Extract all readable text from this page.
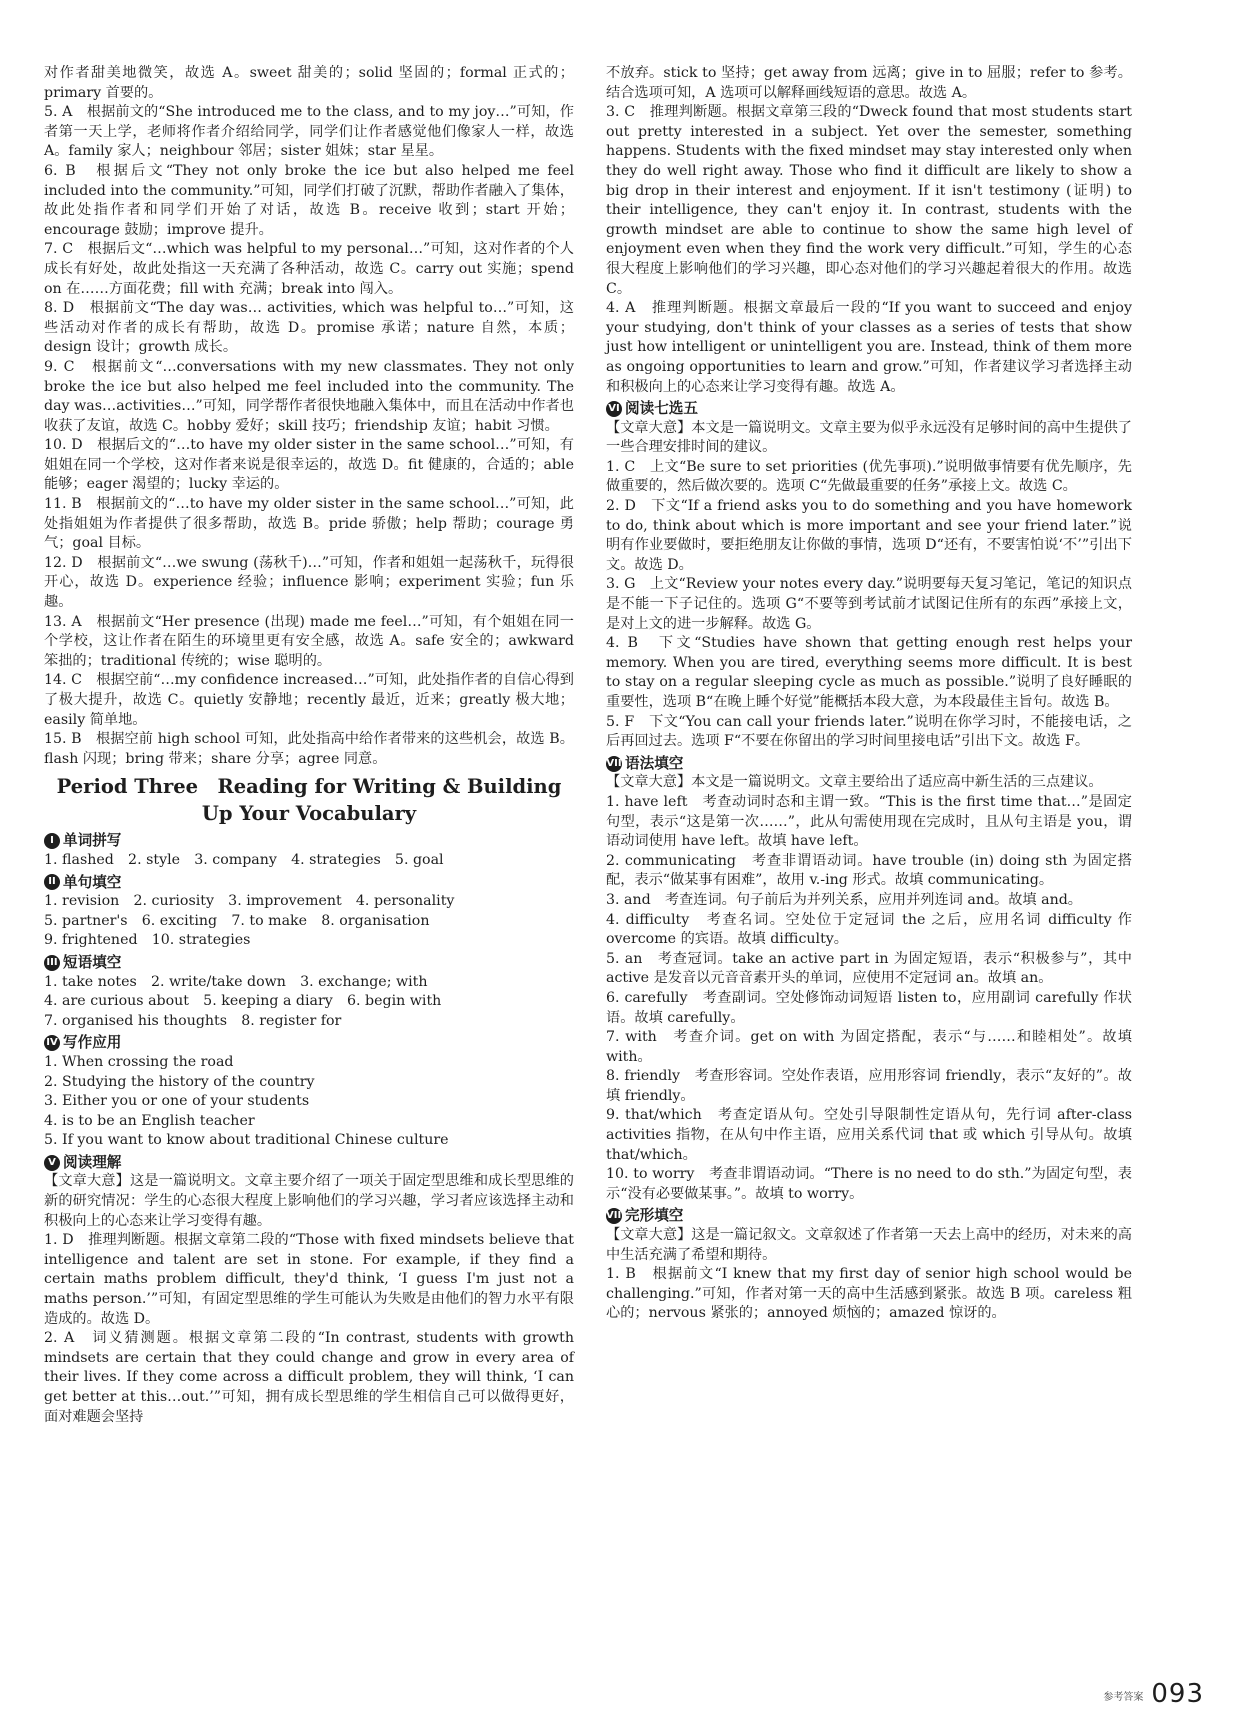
对作者甜美地微笑，故选 A。sweet 甜美的；solid 坚固的；formal 正式的；primary 首要的。

5. A　根据前文的“She introduced me to the class, and to my joy…”可知，作者第一天上学，老师将作者介绍给同学，同学们让作者感觉他们像家人一样，故选 A。family 家人；neighbour 邻居；sister 姐妹；star 星星。

6. B　根据后文“They not only broke the ice but also helped me feel included into the community.”可知，同学们打破了沉默，帮助作者融入了集体，故此处指作者和同学们开始了对话，故选 B。receive 收到；start 开始；encourage 鼓励；improve 提升。

7. C　根据后文“…which was helpful to my personal…”可知，这对作者的个人成长有好处，故此处指这一天充满了各种活动，故选 C。carry out 实施；spend on 在……方面花费；fill with 充满；break into 闯入。

8. D　根据前文“The day was… activities, which was helpful to…”可知，这些活动对作者的成长有帮助，故选 D。promise 承诺；nature 自然，本质；design 设计；growth 成长。

9. C　根据前文“…conversations with my new classmates. They not only broke the ice but also helped me feel included into the community. The day was…activities…”可知，同学帮作者很快地融入集体中，而且在活动中作者也收获了友谊，故选 C。hobby 爱好；skill 技巧；friendship 友谊；habit 习惯。

10. D　根据后文的“…to have my older sister in the same school…”可知，有姐姐在同一个学校，这对作者来说是很幸运的，故选 D。fit 健康的，合适的；able 能够；eager 渴望的；lucky 幸运的。

11. B　根据前文的“…to have my older sister in the same school…”可知，此处指姐姐为作者提供了很多帮助，故选 B。pride 骄傲；help 帮助；courage 勇气；goal 目标。

12. D　根据前文“…we swung (荡秋千)…”可知，作者和姐姐一起荡秋千，玩得很开心，故选 D。experience 经验；influence 影响；experiment 实验；fun 乐趣。

13. A　根据前文“Her presence (出现) made me feel…”可知，有个姐姐在同一个学校，这让作者在陌生的环境里更有安全感，故选 A。safe 安全的；awkward 笨拙的；traditional 传统的；wise 聪明的。

14. C　根据空前“…my confidence increased…”可知，此处指作者的自信心得到了极大提升，故选 C。quietly 安静地；recently 最近，近来；greatly 极大地；easily 简单地。

15. B　根据空前 high school 可知，此处指高中给作者带来的这些机会，故选 B。flash 闪现；bring 带来；share 分享；agree 同意。

Period Three　Reading for Writing & Building Up Your Vocabulary
I 单词拼写
1. flashed　2. style　3. company　4. strategies　5. goal
II 单句填空
1. revision　2. curiosity　3. improvement　4. personality
5. partner's　6. exciting　7. to make　8. organisation
9. frightened　10. strategies
III 短语填空
1. take notes　2. write/take down　3. exchange; with
4. are curious about　5. keeping a diary　6. begin with
7. organised his thoughts　8. register for
IV 写作应用
1. When crossing the road
2. Studying the history of the country
3. Either you or one of your students
4. is to be an English teacher
5. If you want to know about traditional Chinese culture
V 阅读理解

【文章大意】这是一篇说明文。文章主要介绍了一项关于固定型思维和成长型思维的新的研究情况：学生的心态很大程度上影响他们的学习兴趣，学习者应该选择主动和积极向上的心态来让学习变得有趣。

1. D　推理判断题。根据文章第二段的“Those with fixed mindsets believe that intelligence and talent are set in stone. For example, if they find a certain maths problem difficult, they'd think, ‘I guess I'm just not a maths person.’”可知，有固定型思维的学生可能认为失败是由他们的智力水平有限造成的。故选 D。

2. A　词义猜测题。根据文章第二段的“In contrast, students with growth mindsets are certain that they could change and grow in every area of their lives. If they come across a difficult problem, they will think, ‘I can get better at this…out.’”可知，拥有成长型思维的学生相信自己可以做得更好，面对难题会坚持

不放弃。stick to 坚持；get away from 远离；give in to 屈服；refer to 参考。结合选项可知，A 选项可以解释画线短语的意思。故选 A。

3. C　推理判断题。根据文章第三段的“Dweck found that most students start out pretty interested in a subject. Yet over the semester, something happens. Students with the fixed mindset may stay interested only when they do well right away. Those who find it difficult are likely to show a big drop in their interest and enjoyment. If it isn't testimony (证明) to their intelligence, they can't enjoy it. In contrast, students with the growth mindset are able to continue to show the same high level of enjoyment even when they find the work very difficult.”可知，学生的心态很大程度上影响他们的学习兴趣，即心态对他们的学习兴趣起着很大的作用。故选 C。

4. A　推理判断题。根据文章最后一段的“If you want to succeed and enjoy your studying, don't think of your classes as a series of tests that show just how intelligent or unintelligent you are. Instead, think of them more as ongoing opportunities to learn and grow.”可知，作者建议学习者选择主动和积极向上的心态来让学习变得有趣。故选 A。

VI 阅读七选五

【文章大意】本文是一篇说明文。文章主要为似乎永远没有足够时间的高中生提供了一些合理安排时间的建议。

1. C　上文“Be sure to set priorities (优先事项).”说明做事情要有优先顺序，先做重要的，然后做次要的。选项 C“先做最重要的任务”承接上文。故选 C。

2. D　下文“If a friend asks you to do something and you have homework to do, think about which is more important and see your friend later.”说明有作业要做时，要拒绝朋友让你做的事情，选项 D“还有，不要害怕说‘不’”引出下文。故选 D。

3. G　上文“Review your notes every day.”说明要每天复习笔记，笔记的知识点是不能一下子记住的。选项 G“不要等到考试前才试图记住所有的东西”承接上文，是对上文的进一步解释。故选 G。

4. B　下文“Studies have shown that getting enough rest helps your memory. When you are tired, everything seems more difficult. It is best to stay on a regular sleeping cycle as much as possible.”说明了良好睡眠的重要性，选项 B“在晚上睡个好觉”能概括本段大意，为本段最佳主旨句。故选 B。

5. F　下文“You can call your friends later.”说明在你学习时，不能接电话，之后再回过去。选项 F“不要在你留出的学习时间里接电话”引出下文。故选 F。

VII 语法填空

【文章大意】本文是一篇说明文。文章主要给出了适应高中新生活的三点建议。

1. have left　考查动词时态和主谓一致。“This is the first time that…”是固定句型，表示“这是第一次……”，此从句需使用现在完成时，且从句主语是 you，谓语动词使用 have left。故填 have left。

2. communicating　考查非谓语动词。have trouble (in) doing sth 为固定搭配，表示“做某事有困难”，故用 v.-ing 形式。故填 communicating。

3. and　考查连词。句子前后为并列关系，应用并列连词 and。故填 and。

4. difficulty　考查名词。空处位于定冠词 the 之后，应用名词 difficulty 作 overcome 的宾语。故填 difficulty。

5. an　考查冠词。take an active part in 为固定短语，表示“积极参与”，其中 active 是发音以元音音素开头的单词，应使用不定冠词 an。故填 an。

6. carefully　考查副词。空处修饰动词短语 listen to，应用副词 carefully 作状语。故填 carefully。

7. with　考查介词。get on with 为固定搭配，表示“与……和睦相处”。故填 with。

8. friendly　考查形容词。空处作表语，应用形容词 friendly，表示“友好的”。故填 friendly。

9. that/which　考查定语从句。空处引导限制性定语从句，先行词 after-class activities 指物，在从句中作主语，应用关系代词 that 或 which 引导从句。故填 that/which。

10. to worry　考查非谓语动词。“There is no need to do sth.”为固定句型，表示“没有必要做某事。”。故填 to worry。

VIII 完形填空

【文章大意】这是一篇记叙文。文章叙述了作者第一天去上高中的经历，对未来的高中生活充满了希望和期待。

1. B　根据前文“I knew that my first day of senior high school would be challenging.”可知，作者对第一天的高中生活感到紧张。故选 B 项。careless 粗心的；nervous 紧张的；annoyed 烦恼的；amazed 惊讶的。

参考答案 093
